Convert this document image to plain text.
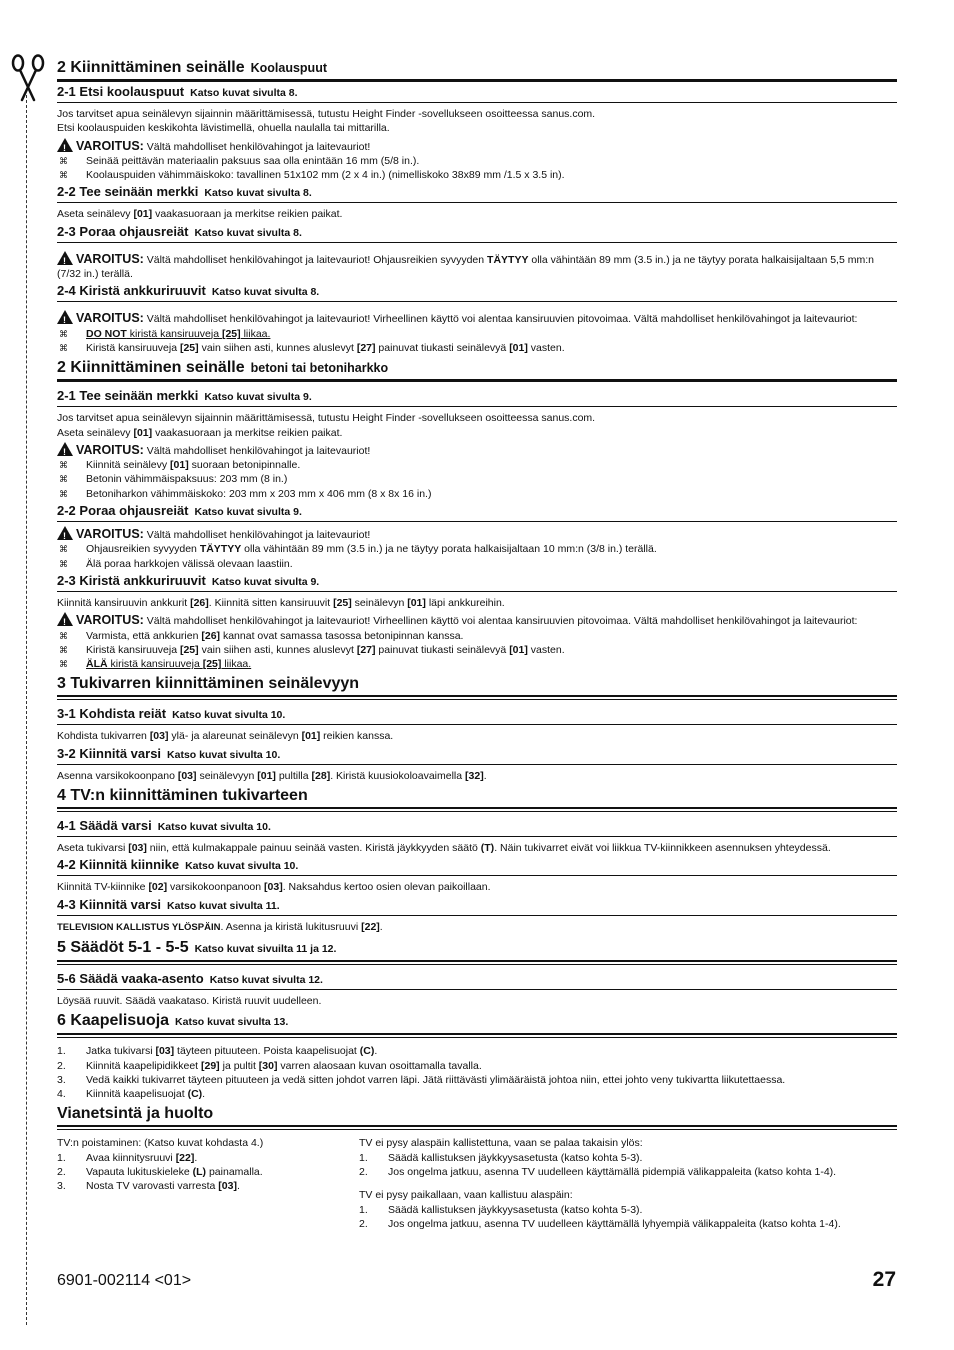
2 Kiinnittäminen seinälle Koolauspuut
2-1 Etsi koolauspuut Katso kuvat sivulta 8.
Jos tarvitset apua seinälevyn sijainnin määrittämisessä, tutustu Height Finder -sovellukseen osoitteessa sanus.com.
Etsi koolauspuiden keskikohta lävistimellä, ohuella naulalla tai mittarilla.
!VAROITUS: Vältä mahdolliset henkilövahingot ja laitevauriot!
⌘ Seinää peittävän materiaalin paksuus saa olla enintään 16 mm (5/8 in.).
⌘ Koolauspuiden vähimmäiskoko: tavallinen 51x102 mm (2 x 4 in.) (nimelliskoko 38x89 mm /1.5 x 3.5 in).
2-2 Tee seinään merkki Katso kuvat sivulta 8.
Aseta seinälevy [01] vaakasuoraan ja merkitse reikien paikat.
2-3 Poraa ohjausreiät Katso kuvat sivulta 8.
!VAROITUS: Vältä mahdolliset henkilövahingot ja laitevauriot! Ohjausreikien syvyyden TÄYTYY olla vähintään 89 mm (3.5 in.) ja ne täytyy porata halkaisijaltaan 5,5 mm:n (7/32 in.) terällä.
2-4 Kiristä ankkuriruuvit Katso kuvat sivulta 8.
!VAROITUS: Vältä mahdolliset henkilövahingot ja laitevauriot! Virheellinen käyttö voi alentaa kansiruuvien pitovoimaa. Vältä mahdolliset henkilövahingot ja laitevauriot:
⌘ DO NOT kiristä kansiruuveja [25] liikaa.
⌘ Kiristä kansiruuveja [25] vain siihen asti, kunnes aluslevyt [27] painuvat tiukasti seinälevyä [01] vasten.
2 Kiinnittäminen seinälle betoni tai betoniharkko
2-1 Tee seinään merkki Katso kuvat sivulta 9.
Jos tarvitset apua seinälevyn sijainnin määrittämisessä, tutustu Height Finder -sovellukseen osoitteessa sanus.com.
Aseta seinälevy [01] vaakasuoraan ja merkitse reikien paikat.
!VAROITUS: Vältä mahdolliset henkilövahingot ja laitevauriot!
⌘ Kiinnitä seinälevy [01] suoraan betonipinnalle.
⌘ Betonin vähimmäispaksuus: 203 mm (8 in.)
⌘ Betoniharkon vähimmäiskoko: 203 mm x 203 mm x 406 mm (8 x 8x 16 in.)
2-2 Poraa ohjausreiät Katso kuvat sivulta 9.
!VAROITUS: Vältä mahdolliset henkilövahingot ja laitevauriot!
⌘ Ohjausreikien syvyyden TÄYTYY olla vähintään 89 mm (3.5 in.) ja ne täytyy porata halkaisijaltaan 10 mm:n (3/8 in.) terällä.
⌘ Älä poraa harkkojen välissä olevaan laastiin.
2-3 Kiristä ankkuriruuvit Katso kuvat sivulta 9.
Kiinnitä kansiruuvin ankkurit [26]. Kiinnitä sitten kansiruuvit [25] seinälevyn [01] läpi ankkureihin.
!VAROITUS: Vältä mahdolliset henkilövahingot ja laitevauriot! Virheellinen käyttö voi alentaa kansiruuvien pitovoimaa. Vältä mahdolliset henkilövahingot ja laitevauriot:
⌘ Varmista, että ankkurien [26] kannat ovat samassa tasossa betonipinnan kanssa.
⌘ Kiristä kansiruuveja [25] vain siihen asti, kunnes aluslevyt [27] painuvat tiukasti seinälevyä [01] vasten.
⌘ ÄLÄ kiristä kansiruuveja [25] liikaa.
3 Tukivarren kiinnittäminen seinälevyyn
3-1 Kohdista reiät Katso kuvat sivulta 10.
Kohdista tukivarren [03] ylä- ja alareunat seinälevyn [01] reikien kanssa.
3-2 Kiinnitä varsi Katso kuvat sivulta 10.
Asenna varsikokoonpano [03] seinälevyyn [01] pultilla [28]. Kiristä kuusiokoloavaimella [32].
4 TV:n kiinnittäminen tukivarteen
4-1 Säädä varsi Katso kuvat sivulta 10.
Aseta tukivarsi [03] niin, että kulmakappale painuu seinää vasten. Kiristä jäykkyyden säätö (T). Näin tukivarret eivät voi liikkua TV-kiinnikkeen asennuksen yhteydessä.
4-2 Kiinnitä kiinnike Katso kuvat sivulta 10.
Kiinnitä TV-kiinnike [02] varsikokoonpanoon [03]. Naksahdus kertoo osien olevan paikoillaan.
4-3 Kiinnitä varsi Katso kuvat sivulta 11.
TELEVISION KALLISTUS YLÖSPÄIN. Asenna ja kiristä lukitusruuvi [22].
5 Säädöt 5-1 - 5-5 Katso kuvat sivuilta 11 ja 12.
5-6 Säädä vaaka-asento Katso kuvat sivulta 12.
Löysää ruuvit. Säädä vaakataso. Kiristä ruuvit uudelleen.
6 Kaapelisuoja Katso kuvat sivulta 13.
1. Jatka tukivarsi [03] täyteen pituuteen. Poista kaapelisuojat (C).
2. Kiinnitä kaapelipidikkeet [29] ja pultit [30] varren alaosaan kuvan osoittamalla tavalla.
3. Vedä kaikki tukivarret täyteen pituuteen ja vedä sitten johdot varren läpi. Jätä riittävästi ylimääräistä johtoa niin, ettei johto veny tukivartta liikutettaessa.
4. Kiinnitä kaapelisuojat (C).
Vianetsintä ja huolto
TV:n poistaminen: (Katso kuvat kohdasta 4.)
1. Avaa kiinnitysruuvi [22].
2. Vapauta lukituskieleke (L) painamalla.
3. Nosta TV varovasti varresta [03].
TV ei pysy alaspäin kallistettuna, vaan se palaa takaisin ylös:
1. Säädä kallistuksen jäykkyysasetusta (katso kohta 5-3).
2. Jos ongelma jatkuu, asenna TV uudelleen käyttämällä pidempiä välikappaleita (katso kohta 1-4).
TV ei pysy paikallaan, vaan kallistuu alaspäin:
1. Säädä kallistuksen jäykkyysasetusta (katso kohta 5-3).
2. Jos ongelma jatkuu, asenna TV uudelleen käyttämällä lyhyempiä välikappaleita (katso kohta 1-4).
6901-002114 <01>	27
